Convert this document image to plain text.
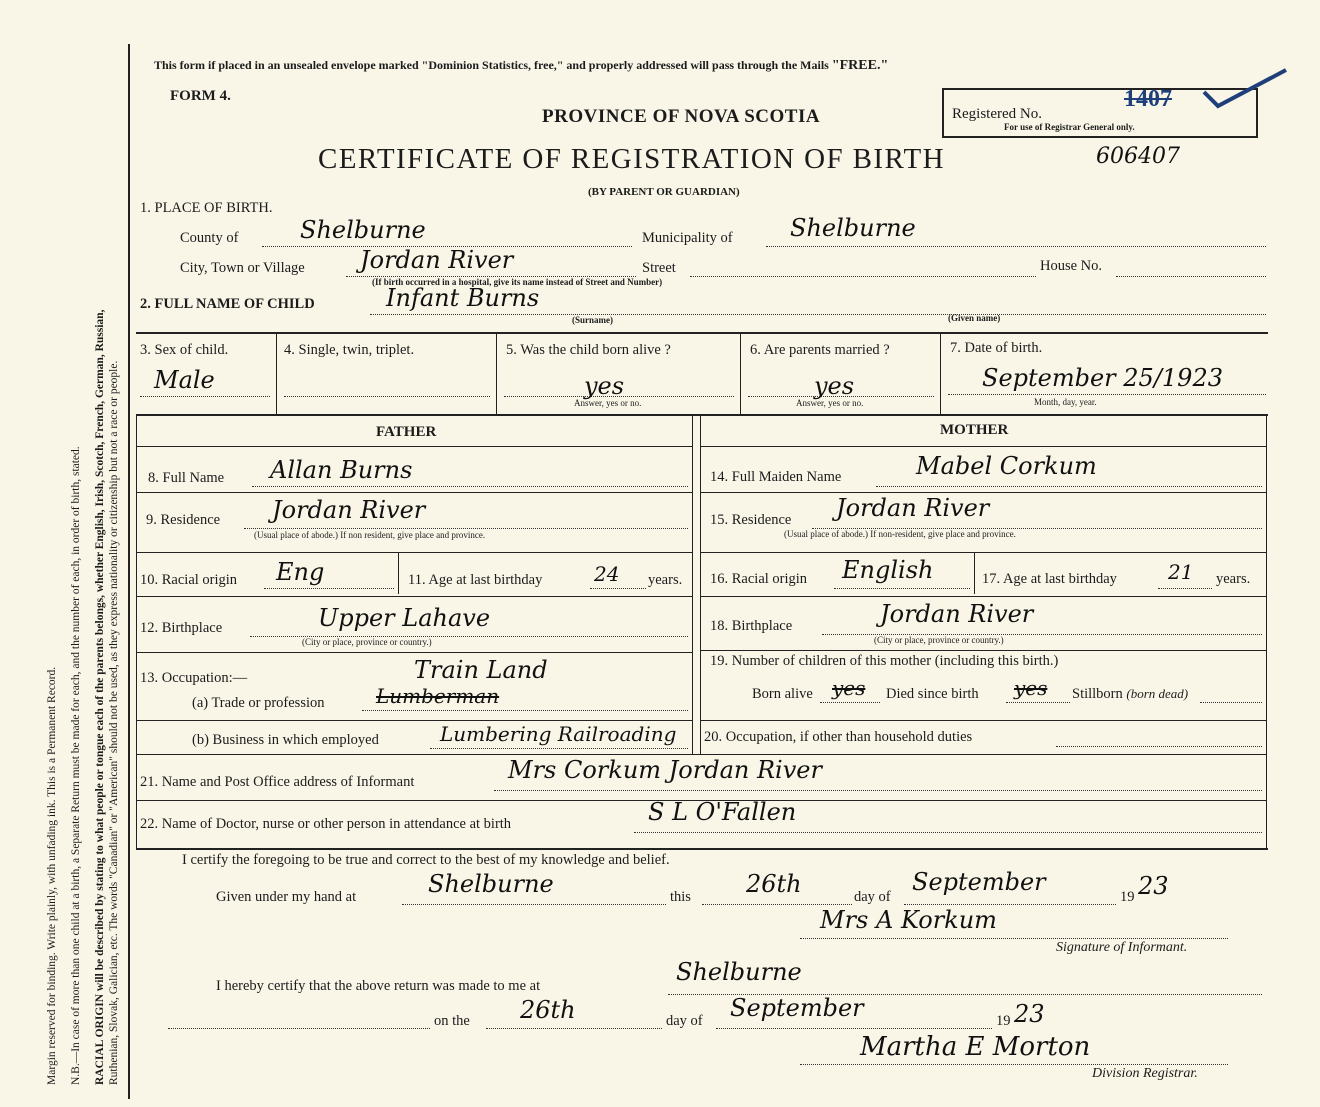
Margin reserved for binding. Write plainly, with unfading ink. This is a Permanent Record. N.B.—In case of more than one child at a birth, a Separate Return must be made for each, and the number of each, in order of birth, stated. RACIAL ORIGIN will be described by stating to what people or tongue each of the parents belongs, whether English, Irish, Scotch, French, German, Russian, Ruthenian, Slovak, Galician, etc. The words "Canadian" or "American" should not be used, as they express nationality or citizenship but not a race or people.
This form if placed in an unsealed envelope marked "Dominion Statistics, free," and properly addressed will pass through the Mails "FREE."
FORM 4.
PROVINCE OF NOVA SCOTIA
CERTIFICATE OF REGISTRATION OF BIRTH	606407
(BY PARENT OR GUARDIAN)
Registered No.
1407
For use of Registrar General only.
1. PLACE OF BIRTH.
County of	Shelburne	Municipality of Shelburne
City, Town or Village Jordan River	Street	House No.
(If birth occurred in a hospital, give its name instead of Street and Number)
2. FULL NAME OF CHILD	Infant Burns
(Surname)	(Given name)
3. Sex of child.
Male
4. Single, twin, triplet.	5. Was the child born alive ?
yes
Answer, yes or no.
6. Are parents married ?
yes
Answer, yes or no.
7. Date of birth.
September 25/1923
Month, day, year.
FATHER	MOTHER
8. Full Name Allan Burns
9. Residence Jordan River
(Usual place of abode.) If non resident, give place and province.
10. Racial origin Eng	11. Age at last birthday	24 years.
12. Birthplace	Upper Lahave
(City or place, province or country.)
13. Occupation:—	Train Land
(a) Trade or profession	Lumberman
(b) Business in which employed	Lumbering Railroading
14. Full Maiden Name	Mabel Corkum
15. Residence Jordan River
(Usual place of abode.) If non-resident, give place and province.
16. Racial origin English	17. Age at last birthday	21 years.
18. Birthplace	Jordan River
(City or place, province or country.)
19. Number of children of this mother (including this birth.)
Born alive yes Died since birth yes Stillborn (born dead)
20. Occupation, if other than household duties
21. Name and Post Office address of Informant	Mrs Corkum Jordan River
22. Name of Doctor, nurse or other person in attendance at birth	S L O'Fallen
I certify the foregoing to be true and correct to the best of my knowledge and belief.
Given under my hand at	Shelburne	this 26th	day of
September
19 23
Mrs A Korkum
Signature of Informant.
I hereby certify that the above return was made to me at	Shelburne
on the 26th	day of September	19 23
Martha E Morton
Division Registrar.
